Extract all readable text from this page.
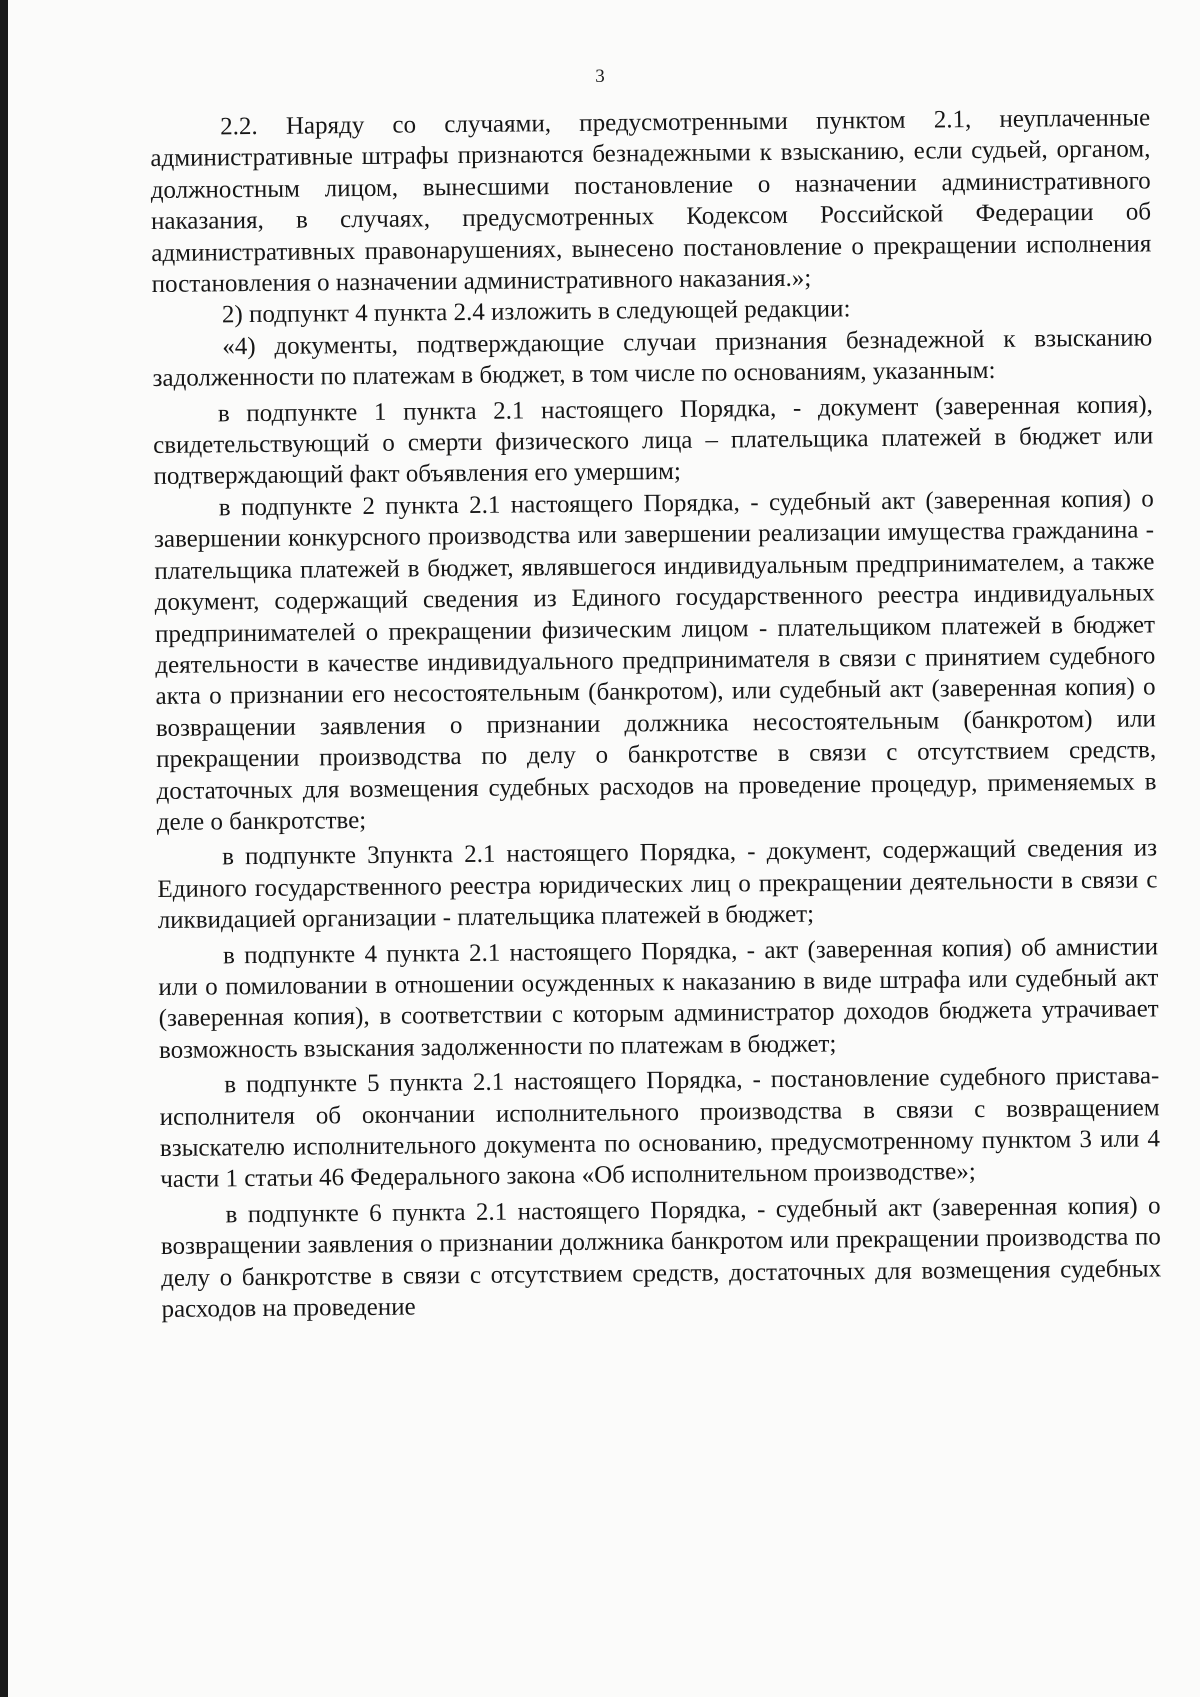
3

2.2. Наряду со случаями, предусмотренными пунктом 2.1, неуплаченные административные штрафы признаются безнадежными к взысканию, если судьей, органом, должностным лицом, вынесшими постановление о назначении административного наказания, в случаях, предусмотренных Кодексом Российской Федерации об административных правонарушениях, вынесено постановление о прекращении исполнения постановления о назначении административного наказания.»;

2) подпункт 4 пункта 2.4 изложить в следующей редакции:

«4) документы, подтверждающие случаи признания безнадежной к взысканию задолженности по платежам в бюджет, в том числе по основаниям, указанным:

в подпункте 1 пункта 2.1 настоящего Порядка, - документ (заверенная копия), свидетельствующий о смерти физического лица – плательщика платежей в бюджет или подтверждающий факт объявления его умершим;

в подпункте 2 пункта 2.1 настоящего Порядка, - судебный акт (заверенная копия) о завершении конкурсного производства или завершении реализации имущества гражданина - плательщика платежей в бюджет, являвшегося индивидуальным предпринимателем, а также документ, содержащий сведения из Единого государственного реестра индивидуальных предпринимателей о прекращении физическим лицом - плательщиком платежей в бюджет деятельности в качестве индивидуального предпринимателя в связи с принятием судебного акта о признании его несостоятельным (банкротом), или судебный акт (заверенная копия) о возвращении заявления о признании должника несостоятельным (банкротом) или прекращении производства по делу о банкротстве в связи с отсутствием средств, достаточных для возмещения судебных расходов на проведение процедур, применяемых в деле о банкротстве;

в подпункте 3пункта 2.1 настоящего Порядка, - документ, содержащий сведения из Единого государственного реестра юридических лиц о прекращении деятельности в связи с ликвидацией организации - плательщика платежей в бюджет;

в подпункте 4 пункта 2.1 настоящего Порядка, - акт (заверенная копия) об амнистии или о помиловании в отношении осужденных к наказанию в виде штрафа или судебный акт (заверенная копия), в соответствии с которым администратор доходов бюджета утрачивает возможность взыскания задолженности по платежам в бюджет;

в подпункте 5 пункта 2.1 настоящего Порядка, - постановление судебного пристава-исполнителя об окончании исполнительного производства в связи с возвращением взыскателю исполнительного документа по основанию, предусмотренному пунктом 3 или 4 части 1 статьи 46 Федерального закона «Об исполнительном производстве»;

в подпункте 6 пункта 2.1 настоящего Порядка, - судебный акт (заверенная копия) о возвращении заявления о признании должника банкротом или прекращении производства по делу о банкротстве в связи с отсутствием средств, достаточных для возмещения судебных расходов на проведение
